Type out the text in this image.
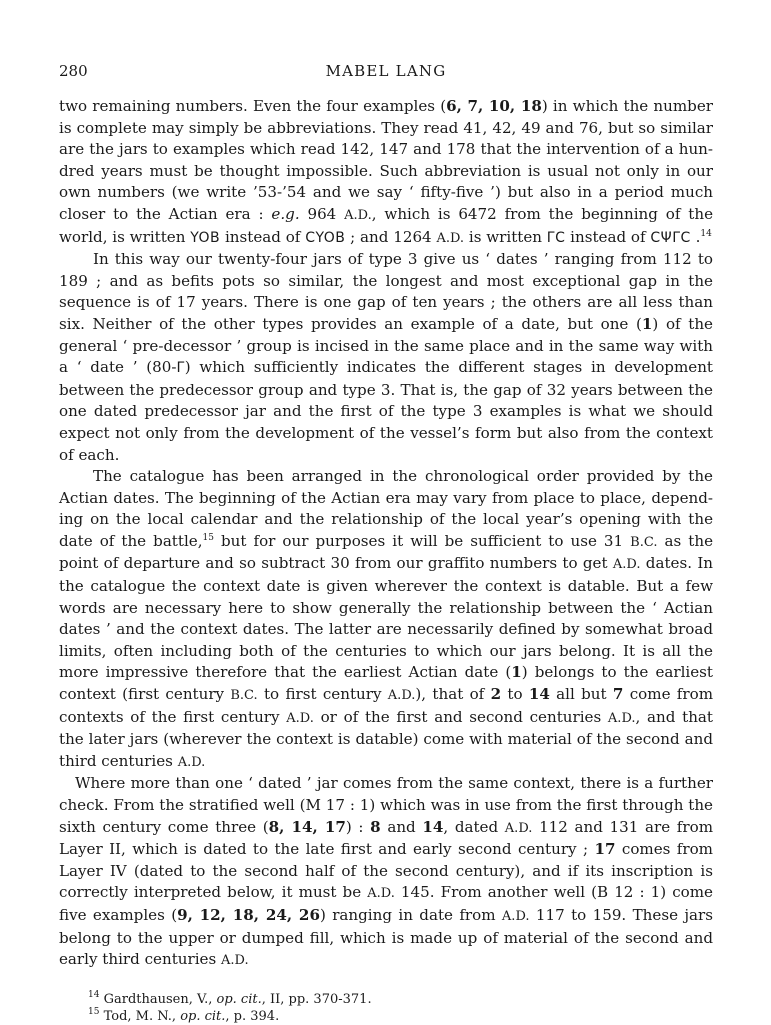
280	MABEL LANG

two remaining numbers. Even the four examples (6, 7, 10, 18) in which the number is complete may simply be abbreviations. They read 41, 42, 49 and 76, but so similar are the jars to examples which read 142, 147 and 178 that the intervention of a hun-dred years must be thought impossible. Such abbreviation is usual not only in our own numbers (we write ’53-’54 and we say ‘ fifty-five ’) but also in a period much closer to the Actian era : e.g. 964 A.D., which is 6472 from the beginning of the world, is written YOB instead of ϹYOB ; and 1264 A.D. is written ΓϹ instead of ϹΨΓϹ .$^{14}$

In this way our twenty-four jars of type 3 give us ‘ dates ’ ranging from 112 to 189 ; and as befits pots so similar, the longest and most exceptional gap in the sequence is of 17 years. There is one gap of ten years ; the others are all less than six. Neither of the other types provides an example of a date, but one (1) of the general ‘ pre-decessor ’ group is incised in the same place and in the same way with a ‘ date ’ (80-Γ) which sufficiently indicates the different stages in development between the predecessor group and type 3. That is, the gap of 32 years between the one dated predecessor jar and the first of the type 3 examples is what we should expect not only from the development of the vessel’s form but also from the context of each.

The catalogue has been arranged in the chronological order provided by the Actian dates. The beginning of the Actian era may vary from place to place, depend-ing on the local calendar and the relationship of the local year’s opening with the date of the battle,$^{15}$ but for our purposes it will be sufficient to use 31 B.C. as the point of departure and so subtract 30 from our graffito numbers to get A.D. dates. In the catalogue the context date is given wherever the context is datable. But a few words are necessary here to show generally the relationship between the ‘ Actian dates ’ and the context dates. The latter are necessarily defined by somewhat broad limits, often including both of the centuries to which our jars belong. It is all the more impressive therefore that the earliest Actian date (1) belongs to the earliest context (first century B.C. to first century A.D.), that of 2 to 14 all but 7 come from contexts of the first century A.D. or of the first and second centuries A.D., and that the later jars (wherever the context is datable) come with material of the second and third centuries A.D.

Where more than one ‘ dated ’ jar comes from the same context, there is a further check. From the stratified well (M 17 : 1) which was in use from the first through the sixth century come three (8, 14, 17) : 8 and 14, dated A.D. 112 and 131 are from Layer II, which is dated to the late first and early second century ; 17 comes from Layer IV (dated to the second half of the second century), and if its inscription is correctly interpreted below, it must be A.D. 145. From another well (B 12 : 1) come five examples (9, 12, 18, 24, 26) ranging in date from A.D. 117 to 159. These jars belong to the upper or dumped fill, which is made up of material of the second and early third centuries A.D.

$^{14}$ Gardthausen, V., op. cit., II, pp. 370-371.
$^{15}$ Tod, M. N., op. cit., p. 394.
